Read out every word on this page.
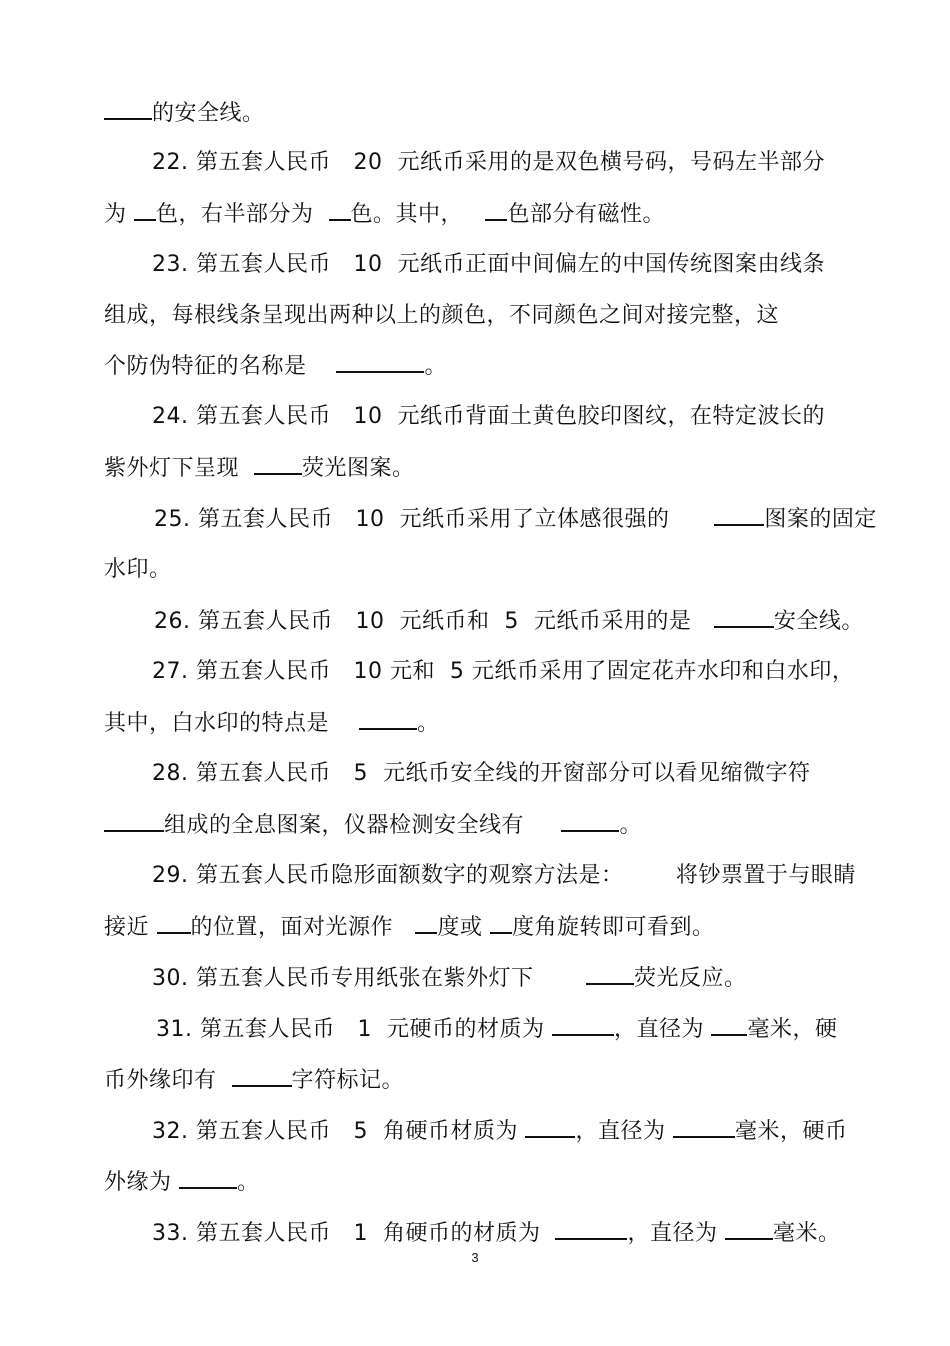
的安全线。
22. 第五套人民币   20  元纸币采用的是双色横号码，号码左半部分
为 色，右半部分为  色。其中，   色部分有磁性。
23. 第五套人民币   10  元纸币正面中间偏左的中国传统图案由线条
组成，每根线条呈现出两种以上的颜色，不同颜色之间对接完整，这
个防伪特征的名称是	。
24. 第五套人民币   10  元纸币背面土黄色胶印图纹，在特定波长的
紫外灯下呈现  荧光图案。
25. 第五套人民币   10  元纸币采用了立体感很强的      图案的固定
水印。
26. 第五套人民币   10  元纸币和  5  元纸币采用的是	安全线。
27. 第五套人民币   10 元和  5 元纸币采用了固定花卉水印和白水印，
其中，白水印的特点是	。
28. 第五套人民币   5  元纸币安全线的开窗部分可以看见缩微字符
组成的全息图案，仪器检测安全线有	。
29. 第五套人民币隐形面额数字的观察方法是：       将钞票置于与眼睛
接近 的位置，面对光源作   度或 度角旋转即可看到。
30. 第五套人民币专用纸张在紫外灯下       荧光反应。
31. 第五套人民币   1  元硬币的材质为	，直径为 毫米，硬
币外缘印有	字符标记。
32. 第五套人民币   5  角硬币材质为 ，直径为	毫米，硬币
外缘为	。
33. 第五套人民币   1  角硬币的材质为	，直径为 毫米。
3
